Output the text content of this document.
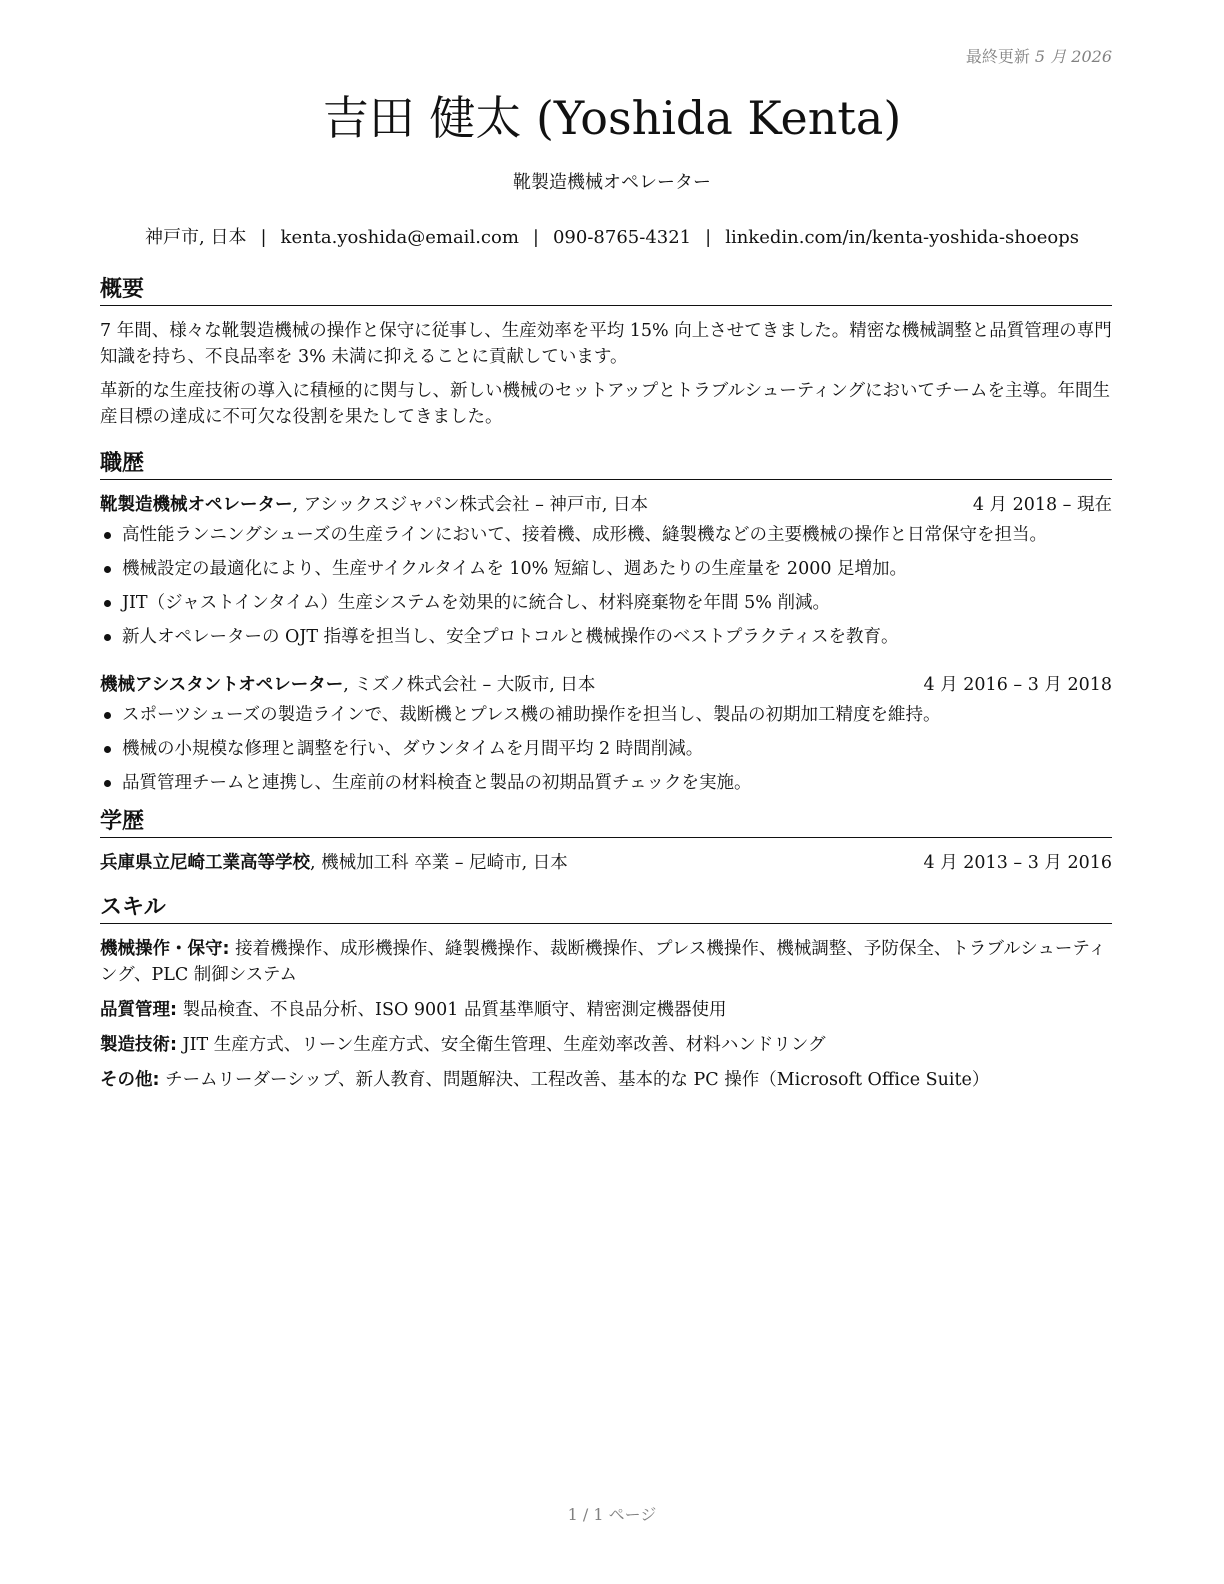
最終更新 5 月 2026
吉田 健太 (Yoshida Kenta)
靴製造機械オペレーター
神戸市, 日本 | kenta.yoshida@email.com | 090-8765-4321 | linkedin.com/in/kenta-yoshida-shoeops
概要

7 年間、様々な靴製造機械の操作と保守に従事し、生産効率を平均 15% 向上させてきました。精密な機械調整と品質管理の専門知識を持ち、不良品率を 3% 未満に抑えることに貢献しています。

革新的な生産技術の導入に積極的に関与し、新しい機械のセットアップとトラブルシューティングにおいてチームを主導。年間生産目標の達成に不可欠な役割を果たしてきました。

職歴
靴製造機械オペレーター, アシックスジャパン株式会社 – 神戸市, 日本	4 月 2018 – 現在
高性能ランニングシューズの生産ラインにおいて、接着機、成形機、縫製機などの主要機械の操作と日常保守を担当。
機械設定の最適化により、生産サイクルタイムを 10% 短縮し、週あたりの生産量を 2000 足増加。
JIT（ジャストインタイム）生産システムを効果的に統合し、材料廃棄物を年間 5% 削減。
新人オペレーターの OJT 指導を担当し、安全プロトコルと機械操作のベストプラクティスを教育。
機械アシスタントオペレーター, ミズノ株式会社 – 大阪市, 日本	4 月 2016 – 3 月 2018
スポーツシューズの製造ラインで、裁断機とプレス機の補助操作を担当し、製品の初期加工精度を維持。
機械の小規模な修理と調整を行い、ダウンタイムを月間平均 2 時間削減。
品質管理チームと連携し、生産前の材料検査と製品の初期品質チェックを実施。
学歴
兵庫県立尼崎工業高等学校, 機械加工科 卒業 – 尼崎市, 日本	4 月 2013 – 3 月 2016
スキル

機械操作・保守: 接着機操作、成形機操作、縫製機操作、裁断機操作、プレス機操作、機械調整、予防保全、トラブルシューティング、PLC 制御システム

品質管理: 製品検査、不良品分析、ISO 9001 品質基準順守、精密測定機器使用

製造技術: JIT 生産方式、リーン生産方式、安全衛生管理、生産効率改善、材料ハンドリング

その他: チームリーダーシップ、新人教育、問題解決、工程改善、基本的な PC 操作（Microsoft Office Suite）

1 / 1 ページ
